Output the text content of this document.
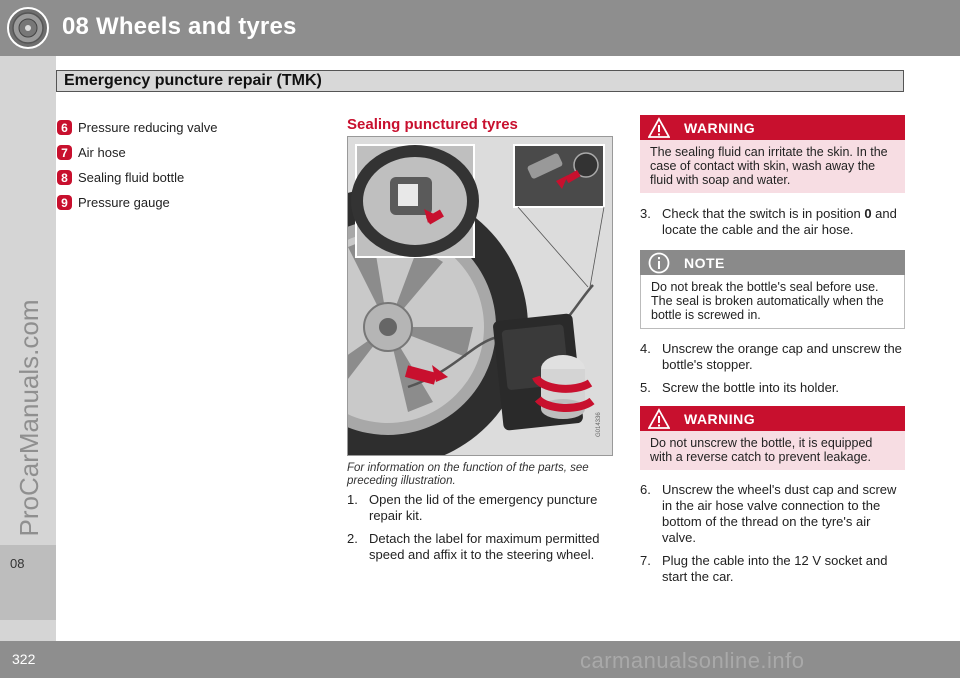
08 Wheels and tyres
08
ProCarManuals.com
Emergency puncture repair (TMK)
6 Pressure reducing valve
7 Air hose
8 Sealing fluid bottle
9 Pressure gauge
Sealing punctured tyres
G014336
For information on the function of the parts, see preceding illustration.
1. Open the lid of the emergency puncture repair kit.
2. Detach the label for maximum permitted speed and affix it to the steering wheel.
WARNING
The sealing fluid can irritate the skin. In the case of contact with skin, wash away the fluid with soap and water.
3. Check that the switch is in position 0 and locate the cable and the air hose.
NOTE
Do not break the bottle's seal before use. The seal is broken automatically when the bottle is screwed in.
4. Unscrew the orange cap and unscrew the bottle's stopper.
5. Screw the bottle into its holder.
WARNING
Do not unscrew the bottle, it is equipped with a reverse catch to prevent leakage.
6. Unscrew the wheel's dust cap and screw in the air hose valve connection to the bottom of the thread on the tyre's air valve.
7. Plug the cable into the 12 V socket and start the car.
322	carmanualsonline.info
